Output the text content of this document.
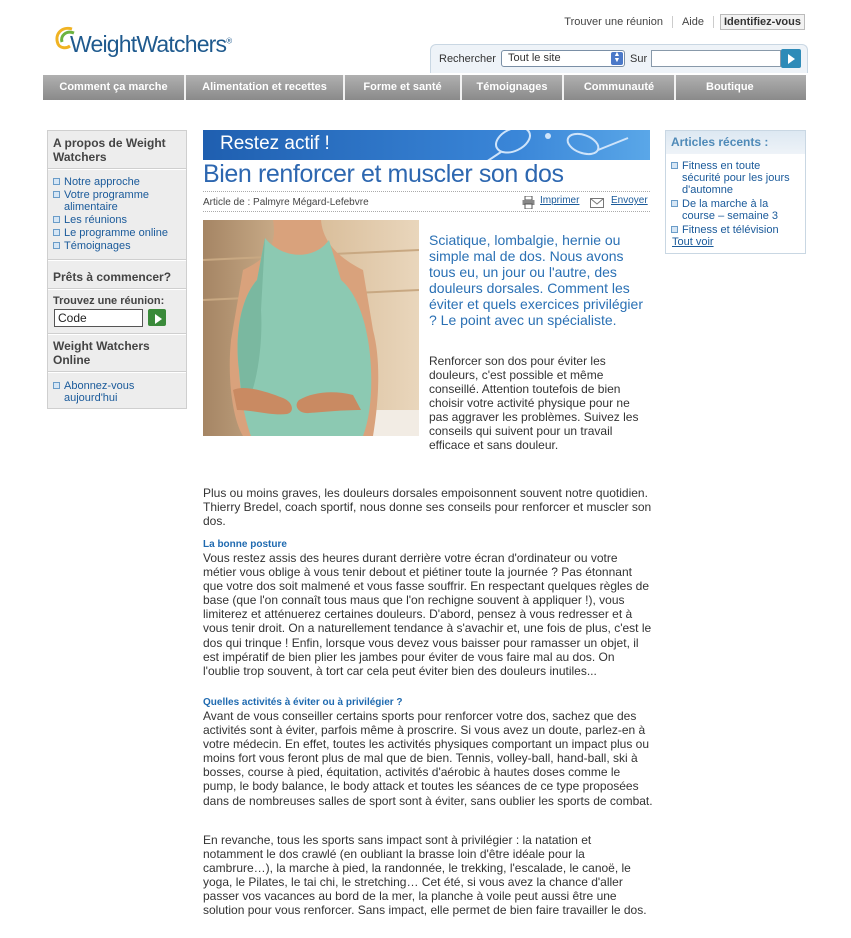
WeightWatchers®
Trouver une réunion	Aide	Identifiez-vous
Rechercher	Tout le site	▲
▼ Sur
Comment ça marche	Alimentation et recettes	Forme et santé	Témoignages	Communauté	Boutique
A propos de Weight Watchers
Notre approche
Votre programme alimentaire
Les réunions
Le programme online
Témoignages
Prêts à commencer?
Trouvez une réunion:
Code
Weight Watchers Online
Abonnez-vous aujourd'hui
Articles récents :
Fitness en toute sécurité pour les jours d'automne
De la marche à la course – semaine 3
Fitness et télévision
Tout voir
Restez actif !
Bien renforcer et muscler son dos
Article de : Palmyre Mégard-Lefebvre	Imprimer	Envoyer
Sciatique, lombalgie, hernie ou simple mal de dos. Nous avons tous eu, un jour ou l'autre, des douleurs dorsales. Comment les éviter et quels exercices privilégier ? Le point avec un spécialiste.
Renforcer son dos pour éviter les douleurs, c'est possible et même conseillé. Attention toutefois de bien choisir votre activité physique pour ne pas aggraver les problèmes. Suivez les conseils qui suivent pour un travail efficace et sans douleur.
Plus ou moins graves, les douleurs dorsales empoisonnent souvent notre quotidien. Thierry Bredel, coach sportif, nous donne ses conseils pour renforcer et muscler son dos.
La bonne posture
Vous restez assis des heures durant derrière votre écran d'ordinateur ou votre métier vous oblige à vous tenir debout et piétiner toute la journée ? Pas étonnant que votre dos soit malmené et vous fasse souffrir. En respectant quelques règles de base (que l'on connaît tous maus que l'on rechigne souvent à appliquer !), vous limiterez et atténuerez certaines douleurs. D'abord, pensez à vous redresser et à vous tenir droit. On a naturellement tendance à s'avachir et, une fois de plus, c'est le dos qui trinque ! Enfin, lorsque vous devez vous baisser pour ramasser un objet, il est impératif de bien plier les jambes pour éviter de vous faire mal au dos. On l'oublie trop souvent, à tort car cela peut éviter bien des douleurs inutiles...
Quelles activités à éviter ou à privilégier ?
Avant de vous conseiller certains sports pour renforcer votre dos, sachez que des activités sont à éviter, parfois même à proscrire. Si vous avez un doute, parlez-en à votre médecin. En effet, toutes les activités physiques comportant un impact plus ou moins fort vous feront plus de mal que de bien. Tennis, volley-ball, hand-ball, ski à bosses, course à pied, équitation, activités d'aérobic à hautes doses comme le pump, le body balance, le body attack et toutes les séances de ce type proposées dans de nombreuses salles de sport sont à éviter, sans oublier les sports de combat.
En revanche, tous les sports sans impact sont à privilégier : la natation et notamment le dos crawlé (en oubliant la brasse loin d'être idéale pour la cambrure…), la marche à pied, la randonnée, le trekking, l'escalade, le canoë, le yoga, le Pilates, le tai chi, le stretching… Cet été, si vous avez la chance d'aller passer vos vacances au bord de la mer, la planche à voile peut aussi être une solution pour vous renforcer. Sans impact, elle permet de bien faire travailler le dos.
